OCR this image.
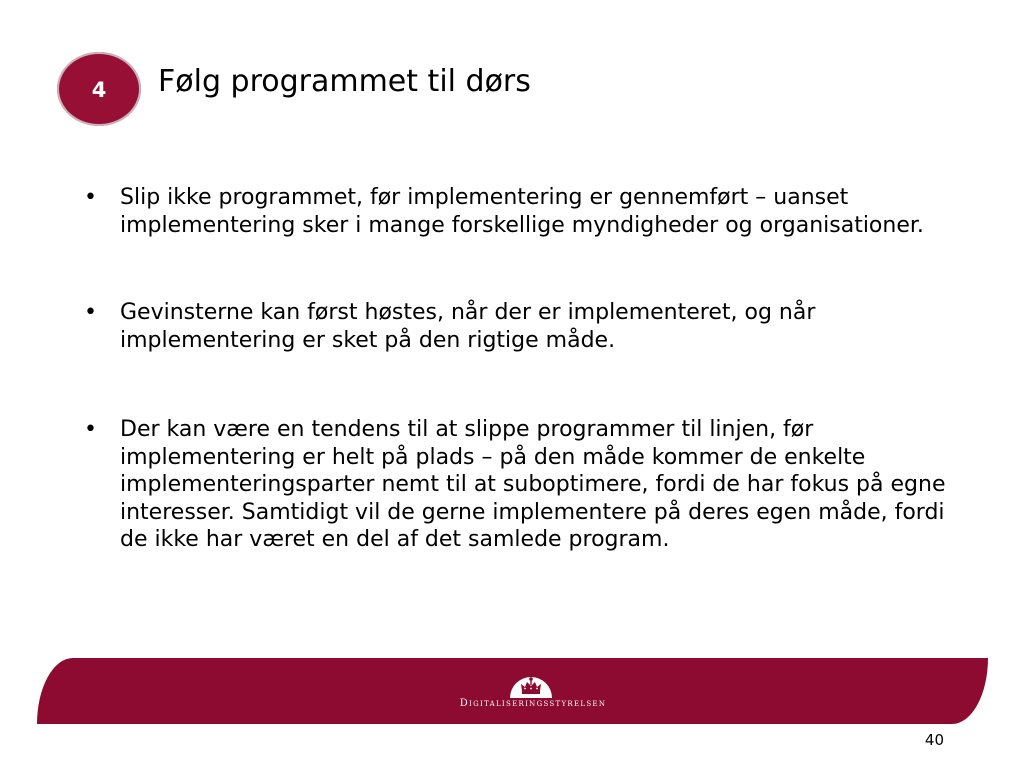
4 Følg programmet til dørs
•	Slip ikke programmet, før implementering er gennemført – uanset implementering sker i mange forskellige myndigheder og organisationer.
•	Gevinsterne kan først høstes, når der er implementeret, og når implementering er sket på den rigtige måde.
•	Der kan være en tendens til at slippe programmer til linjen, før implementering er helt på plads – på den måde kommer de enkelte implementeringsparter nemt til at suboptimere, fordi de har fokus på egne interesser. Samtidigt vil de gerne implementere på deres egen måde, fordi de ikke har været en del af det samlede program.
Digitaliseringsstyrelsen
40
